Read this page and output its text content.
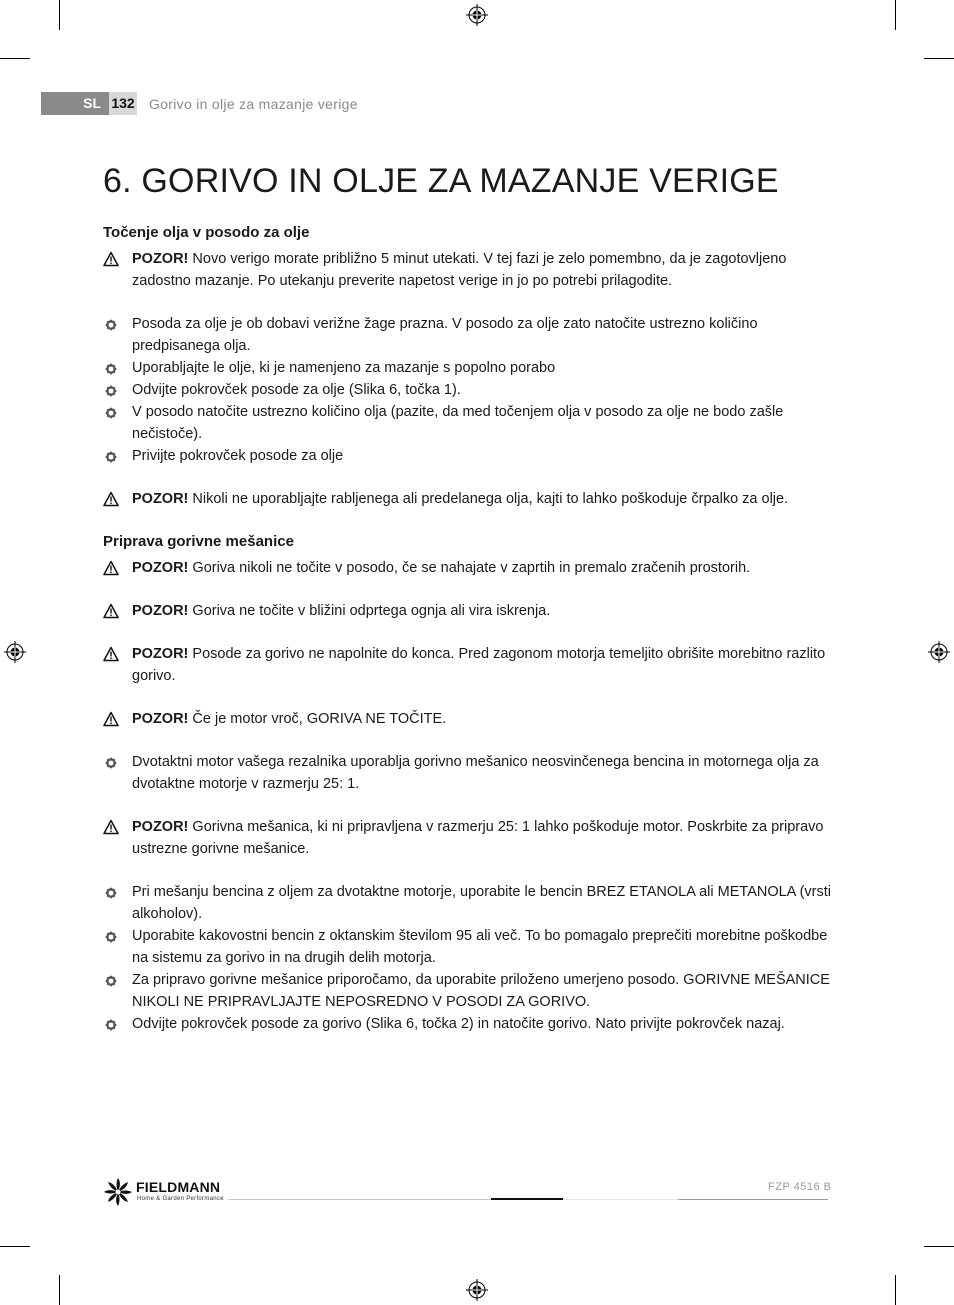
SL 132 Gorivo in olje za mazanje verige
6. GORIVO IN OLJE ZA MAZANJE VERIGE

Točenje olja v posodo za olje

POZOR! Novo verigo morate približno 5 minut utekati. V tej fazi je zelo pomembno, da je zagotovljeno zadostno mazanje. Po utekanju preverite napetost verige in jo po potrebi prilagodite.
Posoda za olje je ob dobavi verižne žage prazna. V posodo za olje zato natočite ustrezno količino predpisanega olja.
Uporabljajte le olje, ki je namenjeno za mazanje s popolno porabo
Odvijte pokrovček posode za olje (Slika 6, točka 1).
V posodo natočite ustrezno količino olja (pazite, da med točenjem olja v posodo za olje ne bodo zašle nečistoče).
Privijte pokrovček posode za olje
POZOR! Nikoli ne uporabljajte rabljenega ali predelanega olja, kajti to lahko poškoduje črpalko za olje.

Priprava gorivne mešanice

POZOR! Goriva nikoli ne točite v posodo, če se nahajate v zaprtih in premalo zračenih prostorih.
POZOR! Goriva ne točite v bližini odprtega ognja ali vira iskrenja.
POZOR! Posode za gorivo ne napolnite do konca. Pred zagonom motorja temeljito obrišite morebitno razlito gorivo.
POZOR! Če je motor vroč, GORIVA NE TOČITE.
Dvotaktni motor vašega rezalnika uporablja gorivno mešanico neosvinčenega bencina in motornega olja za dvotaktne motorje v razmerju 25: 1.
POZOR! Gorivna mešanica, ki ni pripravljena v razmerju 25: 1 lahko poškoduje motor. Poskrbite za pripravo ustrezne gorivne mešanice.
Pri mešanju bencina z oljem za dvotaktne motorje, uporabite le bencin BREZ ETANOLA ali METANOLA (vrsti alkoholov).
Uporabite kakovostni bencin z oktanskim številom 95 ali več. To bo pomagalo preprečiti morebitne poškodbe na sistemu za gorivo in na drugih delih motorja.
Za pripravo gorivne mešanice priporočamo, da uporabite priloženo umerjeno posodo. GORIVNE MEŠANICE NIKOLI NE PRIPRAVLJAJTE NEPOSREDNO V POSODI ZA GORIVO.
Odvijte pokrovček posode za gorivo (Slika 6, točka 2) in natočite gorivo. Nato privijte pokrovček nazaj.
FIELDMANN
Home & Garden Performance
FZP 4516 B
